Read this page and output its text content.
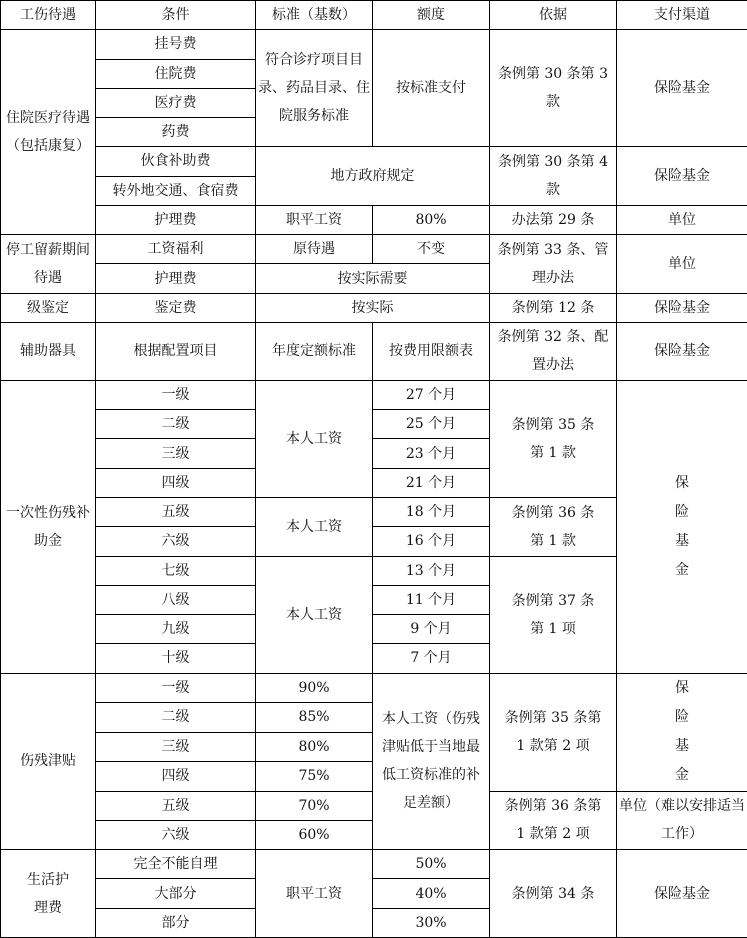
工伤待遇	条件	标准（基数）	额度	依据	支付渠道
住院医疗待遇（包括康复）	挂号费	符合诊疗项目目录、药品目录、住院服务标准	按标准支付	条例第 30 条第 3 款	保险基金
	住院费				
	医疗费				
	药费				
	伙食补助费	地方政府规定		条例第 30 条第 4 款	保险基金
	转外地交通、食宿费				
	护理费	职平工资	80%	办法第 29 条	单位
停工留薪期间待遇	工资福利	原待遇	不变	条例第 33 条、管理办法	单位
	护理费	按实际需要			
级鉴定	鉴定费	按实际		条例第 12 条	保险基金
辅助器具	根据配置项目	年度定额标准	按费用限额表	条例第 32 条、配置办法	保险基金
一次性伤残补助金	一级	本人工资	27 个月	条例第 35 条第 1 款	保险基金
	二级		25 个月		
	三级		23 个月		
	四级		21 个月		
	五级	本人工资	18 个月	条例第 36 条第 1 款	
	六级		16 个月		
	七级	本人工资	13 个月	条例第 37 条第 1 项	
	八级		11 个月		
	九级		9 个月		
	十级		7 个月		
伤残津贴	一级	90%	本人工资（伤残津贴低于当地最低工资标准的补足差额）	条例第 35 条第 1 款第 2 项	保险基金
	二级	85%			
	三级	80%			
	四级	75%			
	五级	70%		条例第 36 条第 1 款第 2 项	单位（难以安排适当工作）
	六级	60%			
生活护理费	完全不能自理	职平工资	50%	条例第 34 条	保险基金
	大部分		40%		
	部分		30%		
